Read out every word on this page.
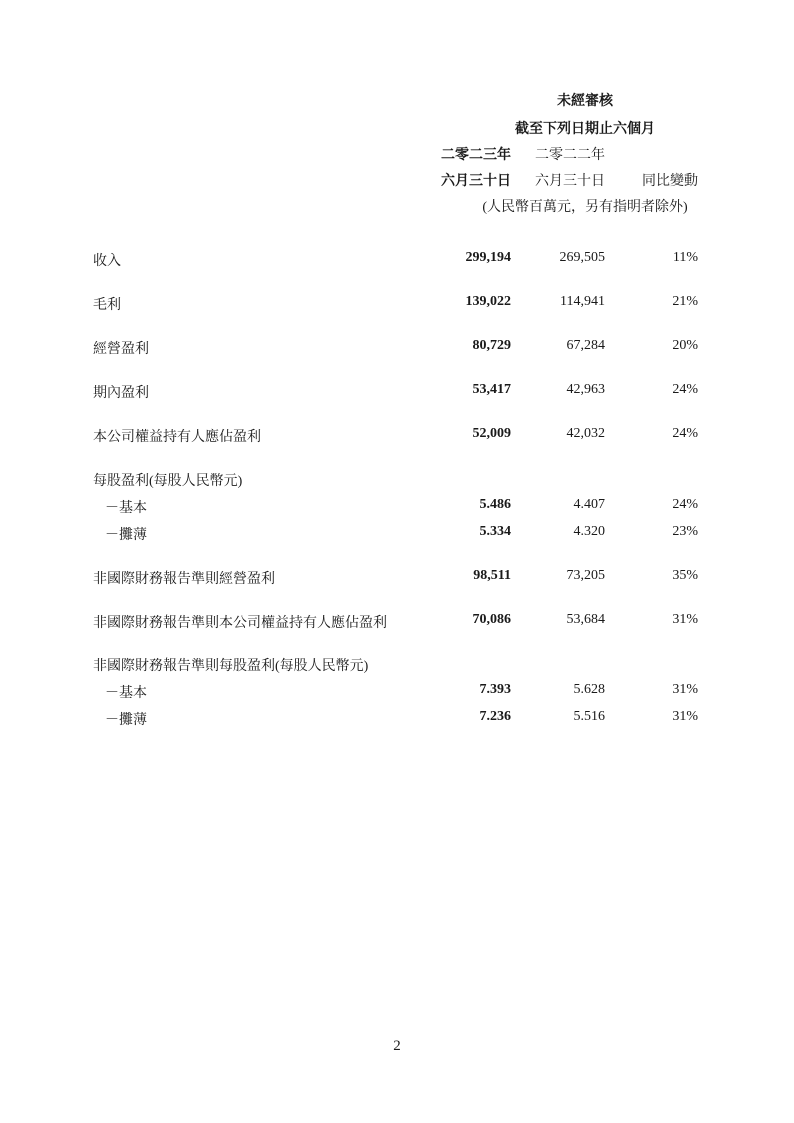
未經審核
截至下列日期止六個月
二零二三年 二零二二年
六月三十日 六月三十日	同比變動
(人民幣百萬元，另有指明者除外)
收入	299,194	269,505	11%
毛利	139,022	114,941	21%
經營盈利	80,729	67,284	20%
期內盈利	53,417	42,963	24%
本公司權益持有人應佔盈利	52,009	42,032	24%
每股盈利(每股人民幣元)
－基本	5.486	4.407	24%
－攤薄	5.334	4.320	23%
非國際財務報告準則經營盈利	98,511	73,205	35%
非國際財務報告準則本公司權益持有人應佔盈利	70,086	53,684	31%
非國際財務報告準則每股盈利(每股人民幣元)
－基本	7.393	5.628	31%
－攤薄	7.236	5.516	31%
2
